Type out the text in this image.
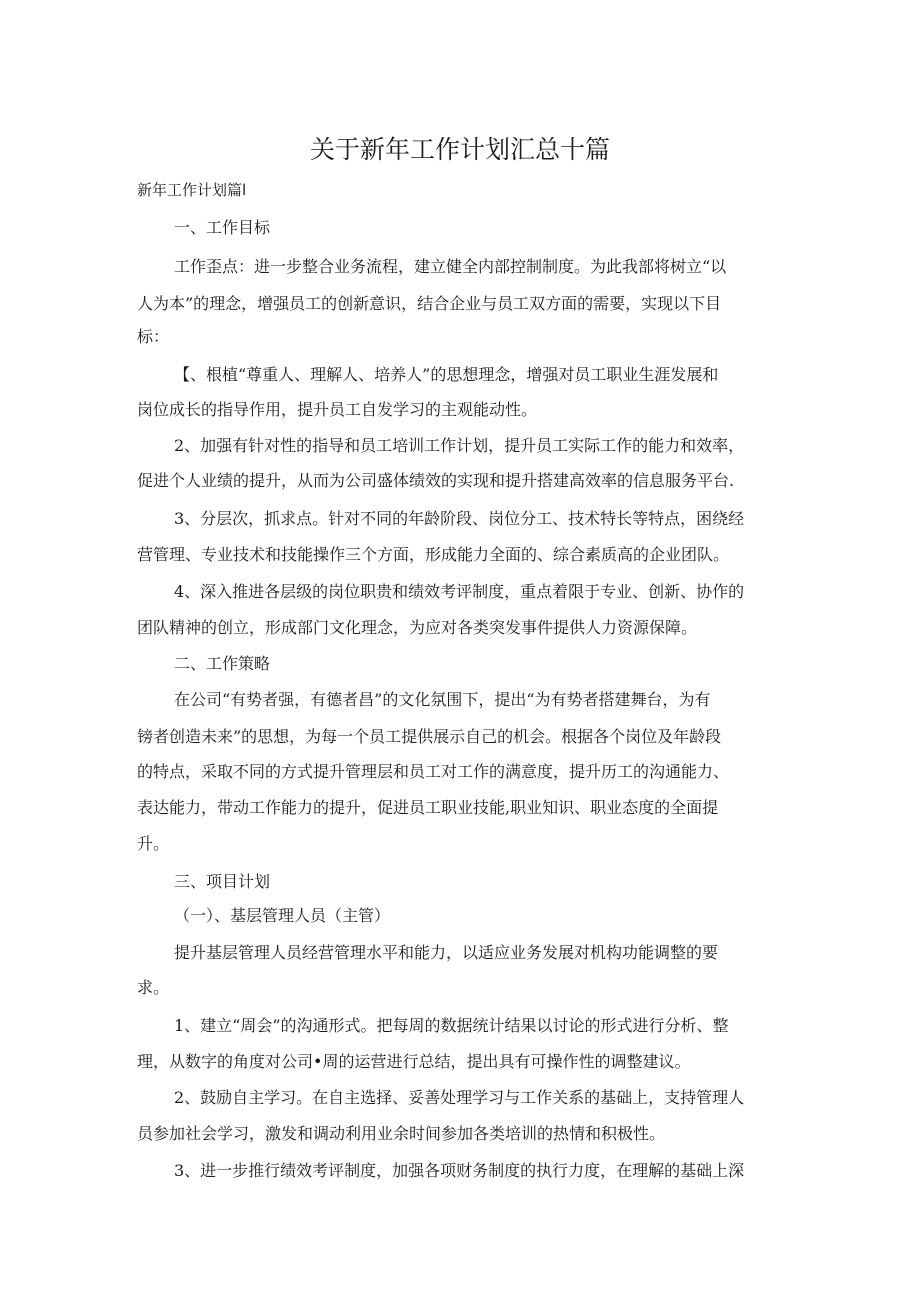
关于新年工作计划汇总十篇

新年工作计划篇l

一、工作目标

工作歪点：进一步整合业务流程，建立健全内部控制制度。为此我部将树立“以

人为本”的理念，增强员工的创新意识，结合企业与员工双方面的需要，实现以下目

标：

【、根植“尊重人、理解人、培养人”的思想理念，增强对员工职业生涯发展和

岗位成长的指导作用，提升员工自发学习的主观能动性。

2、加强有针对性的指导和员工培训工作计划，提升员工实际工作的能力和效率，

促进个人业绩的提升，从而为公司盛体绩效的实现和提升搭建高效率的信息服务平台.

3、分层次，抓求点。针对不同的年龄阶段、岗位分工、技术特长等特点，困绕经

营管理、专业技术和技能操作三个方面，形成能力全面的、综合素质高的企业团队。

4、深入推进各层级的岗位职贵和绩效考评制度，重点着限于专业、创新、协作的

团队精神的创立，形成部门文化理念，为应对各类突发事件提供人力资源保障。

二、工作策略

在公司“有势者强，有德者昌”的文化氛围下，提出“为有势者搭建舞台，为有

镑者创造未来”的思想，为每一个员工提供展示自己的机会。根据各个岗位及年龄段

的特点，采取不同的方式提升管理层和员工对工作的满意度，提升历工的沟通能力、

表达能力，带动工作能力的提升，促进员工职业技能,职业知识、职业态度的全面提

升。

三、项目计划

（一）、基层管理人员（主管）

提升基层管理人员经营管理水平和能力，以适应业务发展对机构功能调整的要

求。

1、建立“周会”的沟通形式。把每周的数据统计结果以讨论的形式进行分析、整

理，从数字的角度对公司•周的运营进行总结，提出具有可操作性的调整建议。

2、鼓励自主学习。在自主选择、妥善处理学习与工作关系的基础上，支持管理人

员参加社会学习，激发和调动利用业余时间参加各类培训的热情和积极性。

3、进一步推行绩效考评制度，加强各项财务制度的执行力度，在理解的基础上深
